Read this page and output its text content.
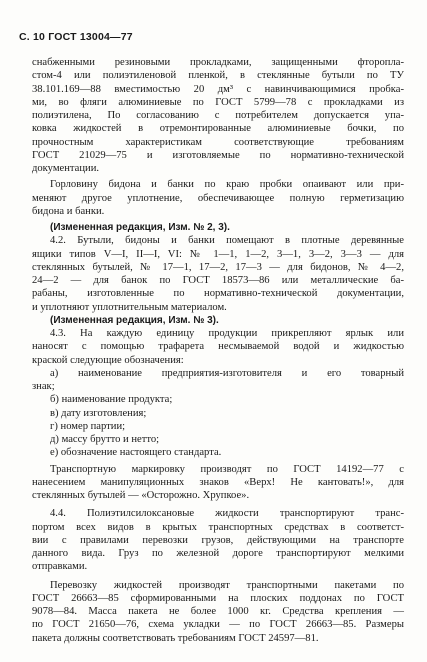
С. 10 ГОСТ 13004—77
снабженными резиновыми прокладками, защищенными фторопла-
стом-4 или полиэтиленовой пленкой, в стеклянные бутыли по ТУ
38.101.169—88 вместимостью 20 дм³ с навинчивающимися пробка-
ми, во фляги алюминиевые по ГОСТ 5799—78 с прокладками из
полиэтилена, По согласованию с потребителем допускается упа-
ковка жидкостей в отремонтированные алюминиевые бочки, по
прочностным характеристикам соответствующие требованиям
ГОСТ 21029—75 и изготовляемые по нормативно-технической
документации.
Горловину бидона и банки по краю пробки опаивают или при-
меняют другое уплотнение, обеспечивающее полную герметизацию
бидона и банки.
(Измененная редакция, Изм. № 2, 3).
4.2. Бутыли, бидоны и банки помещают в плотные деревянные
ящики типов V—I, II—I, VI: № 1—1, 1—2, 3—1, 3—2, 3—3 — для
стеклянных бутылей, № 17—1, 17—2, 17—3 — для бидонов, № 4—2,
24—2 — для банок по ГОСТ 18573—86 или металлические ба-
рабаны, изготовленные по нормативно-технической документации,
и уплотняют уплотнительным материалом.
(Измененная редакция, Изм. № 3).
4.3. На каждую единицу продукции прикрепляют ярлык или
наносят с помощью трафарета несмываемой водой и жидкостью
краской следующие обозначения:
а) наименование предприятия-изготовителя и его товарный
знак;
б) наименование продукта;
в) дату изготовления;
г) номер партии;
д) массу брутто и нетто;
е) обозначение настоящего стандарта.
Транспортную маркировку производят по ГОСТ 14192—77 с
нанесением манипуляционных знаков «Верх! Не кантовать!», для
стеклянных бутылей — «Осторожно. Хрупкое».
4.4. Полиэтилсилоксановые жидкости транспортируют транс-
портом всех видов в крытых транспортных средствах в соответст-
вии с правилами перевозки грузов, действующими на транспорте
данного вида. Груз по железной дороге транспортируют мелкими
отправками.
Перевозку жидкостей производят транспортными пакетами по
ГОСТ 26663—85 сформированными на плоских поддонах по ГОСТ
9078—84. Масса пакета не более 1000 кг. Средства крепления —
по ГОСТ 21650—76, схема укладки — по ГОСТ 26663—85. Размеры
пакета должны соответствовать требованиям ГОСТ 24597—81.
